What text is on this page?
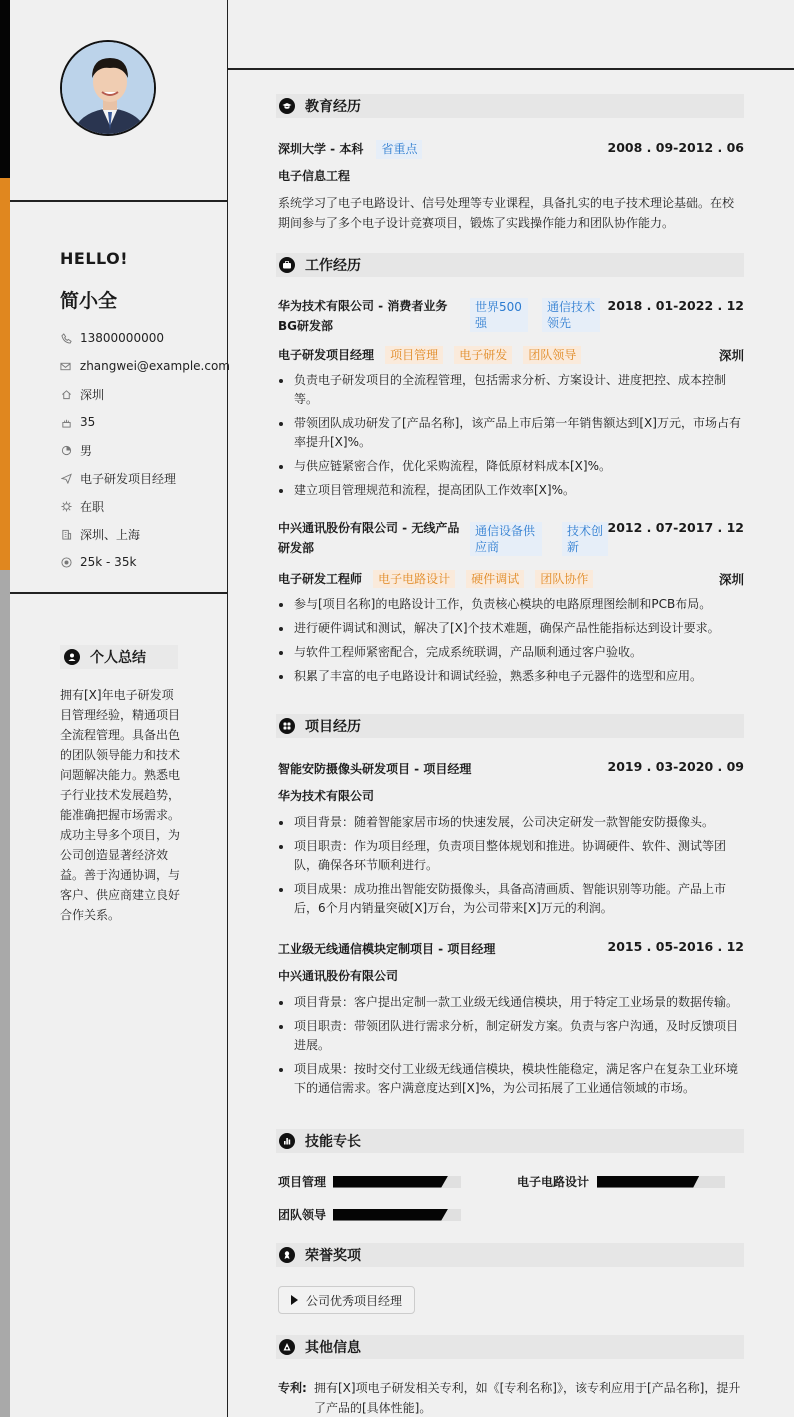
HELLO!
简小全
13800000000
zhangwei@example.com
深圳
35
男
电子研发项目经理
在职
深圳、上海
25k - 35k
个人总结
拥有[X]年电子研发项目管理经验，精通项目全流程管理。具备出色的团队领导能力和技术问题解决能力。熟悉电子行业技术发展趋势，能准确把握市场需求。成功主导多个项目，为公司创造显著经济效益。善于沟通协调，与客户、供应商建立良好合作关系。
教育经历
深圳大学 - 本科 省重点	2008 . 09-2012 . 06
电子信息工程
系统学习了电子电路设计、信号处理等专业课程，具备扎实的电子技术理论基础。在校期间参与了多个电子设计竞赛项目，锻炼了实践操作能力和团队协作能力。
工作经历
华为技术有限公司 - 消费者业务BG研发部
世界500强
通信技术领先
2018 . 01-2022 . 12
电子研发项目经理 项目管理 电子研发 团队领导	深圳
负责电子研发项目的全流程管理，包括需求分析、方案设计、进度把控、成本控制等。
带领团队成功研发了[产品名称]，该产品上市后第一年销售额达到[X]万元，市场占有率提升[X]%。
与供应链紧密合作，优化采购流程，降低原材料成本[X]%。
建立项目管理规范和流程，提高团队工作效率[X]%。
中兴通讯股份有限公司 - 无线产品研发部
通信设备供应商
技术创新
2012 . 07-2017 . 12
电子研发工程师 电子电路设计 硬件调试 团队协作	深圳
参与[项目名称]的电路设计工作，负责核心模块的电路原理图绘制和PCB布局。
进行硬件调试和测试，解决了[X]个技术难题，确保产品性能指标达到设计要求。
与软件工程师紧密配合，完成系统联调，产品顺利通过客户验收。
积累了丰富的电子电路设计和调试经验，熟悉多种电子元器件的选型和应用。
项目经历
智能安防摄像头研发项目 - 项目经理	2019 . 03-2020 . 09
华为技术有限公司
项目背景：随着智能家居市场的快速发展，公司决定研发一款智能安防摄像头。
项目职责：作为项目经理，负责项目整体规划和推进。协调硬件、软件、测试等团队，确保各环节顺利进行。
项目成果：成功推出智能安防摄像头，具备高清画质、智能识别等功能。产品上市后，6个月内销量突破[X]万台，为公司带来[X]万元的利润。
工业级无线通信模块定制项目 - 项目经理	2015 . 05-2016 . 12
中兴通讯股份有限公司
项目背景：客户提出定制一款工业级无线通信模块，用于特定工业场景的数据传输。
项目职责：带领团队进行需求分析，制定研发方案。负责与客户沟通，及时反馈项目进展。
项目成果：按时交付工业级无线通信模块，模块性能稳定，满足客户在复杂工业环境下的通信需求。客户满意度达到[X]%，为公司拓展了工业通信领域的市场。
技能专长
项目管理	电子电路设计
团队领导
荣誉奖项
公司优秀项目经理
其他信息
专利: 拥有[X]项电子研发相关专利，如《[专利名称]》，该专利应用于[产品名称]，提升了产品的[具体性能]。
